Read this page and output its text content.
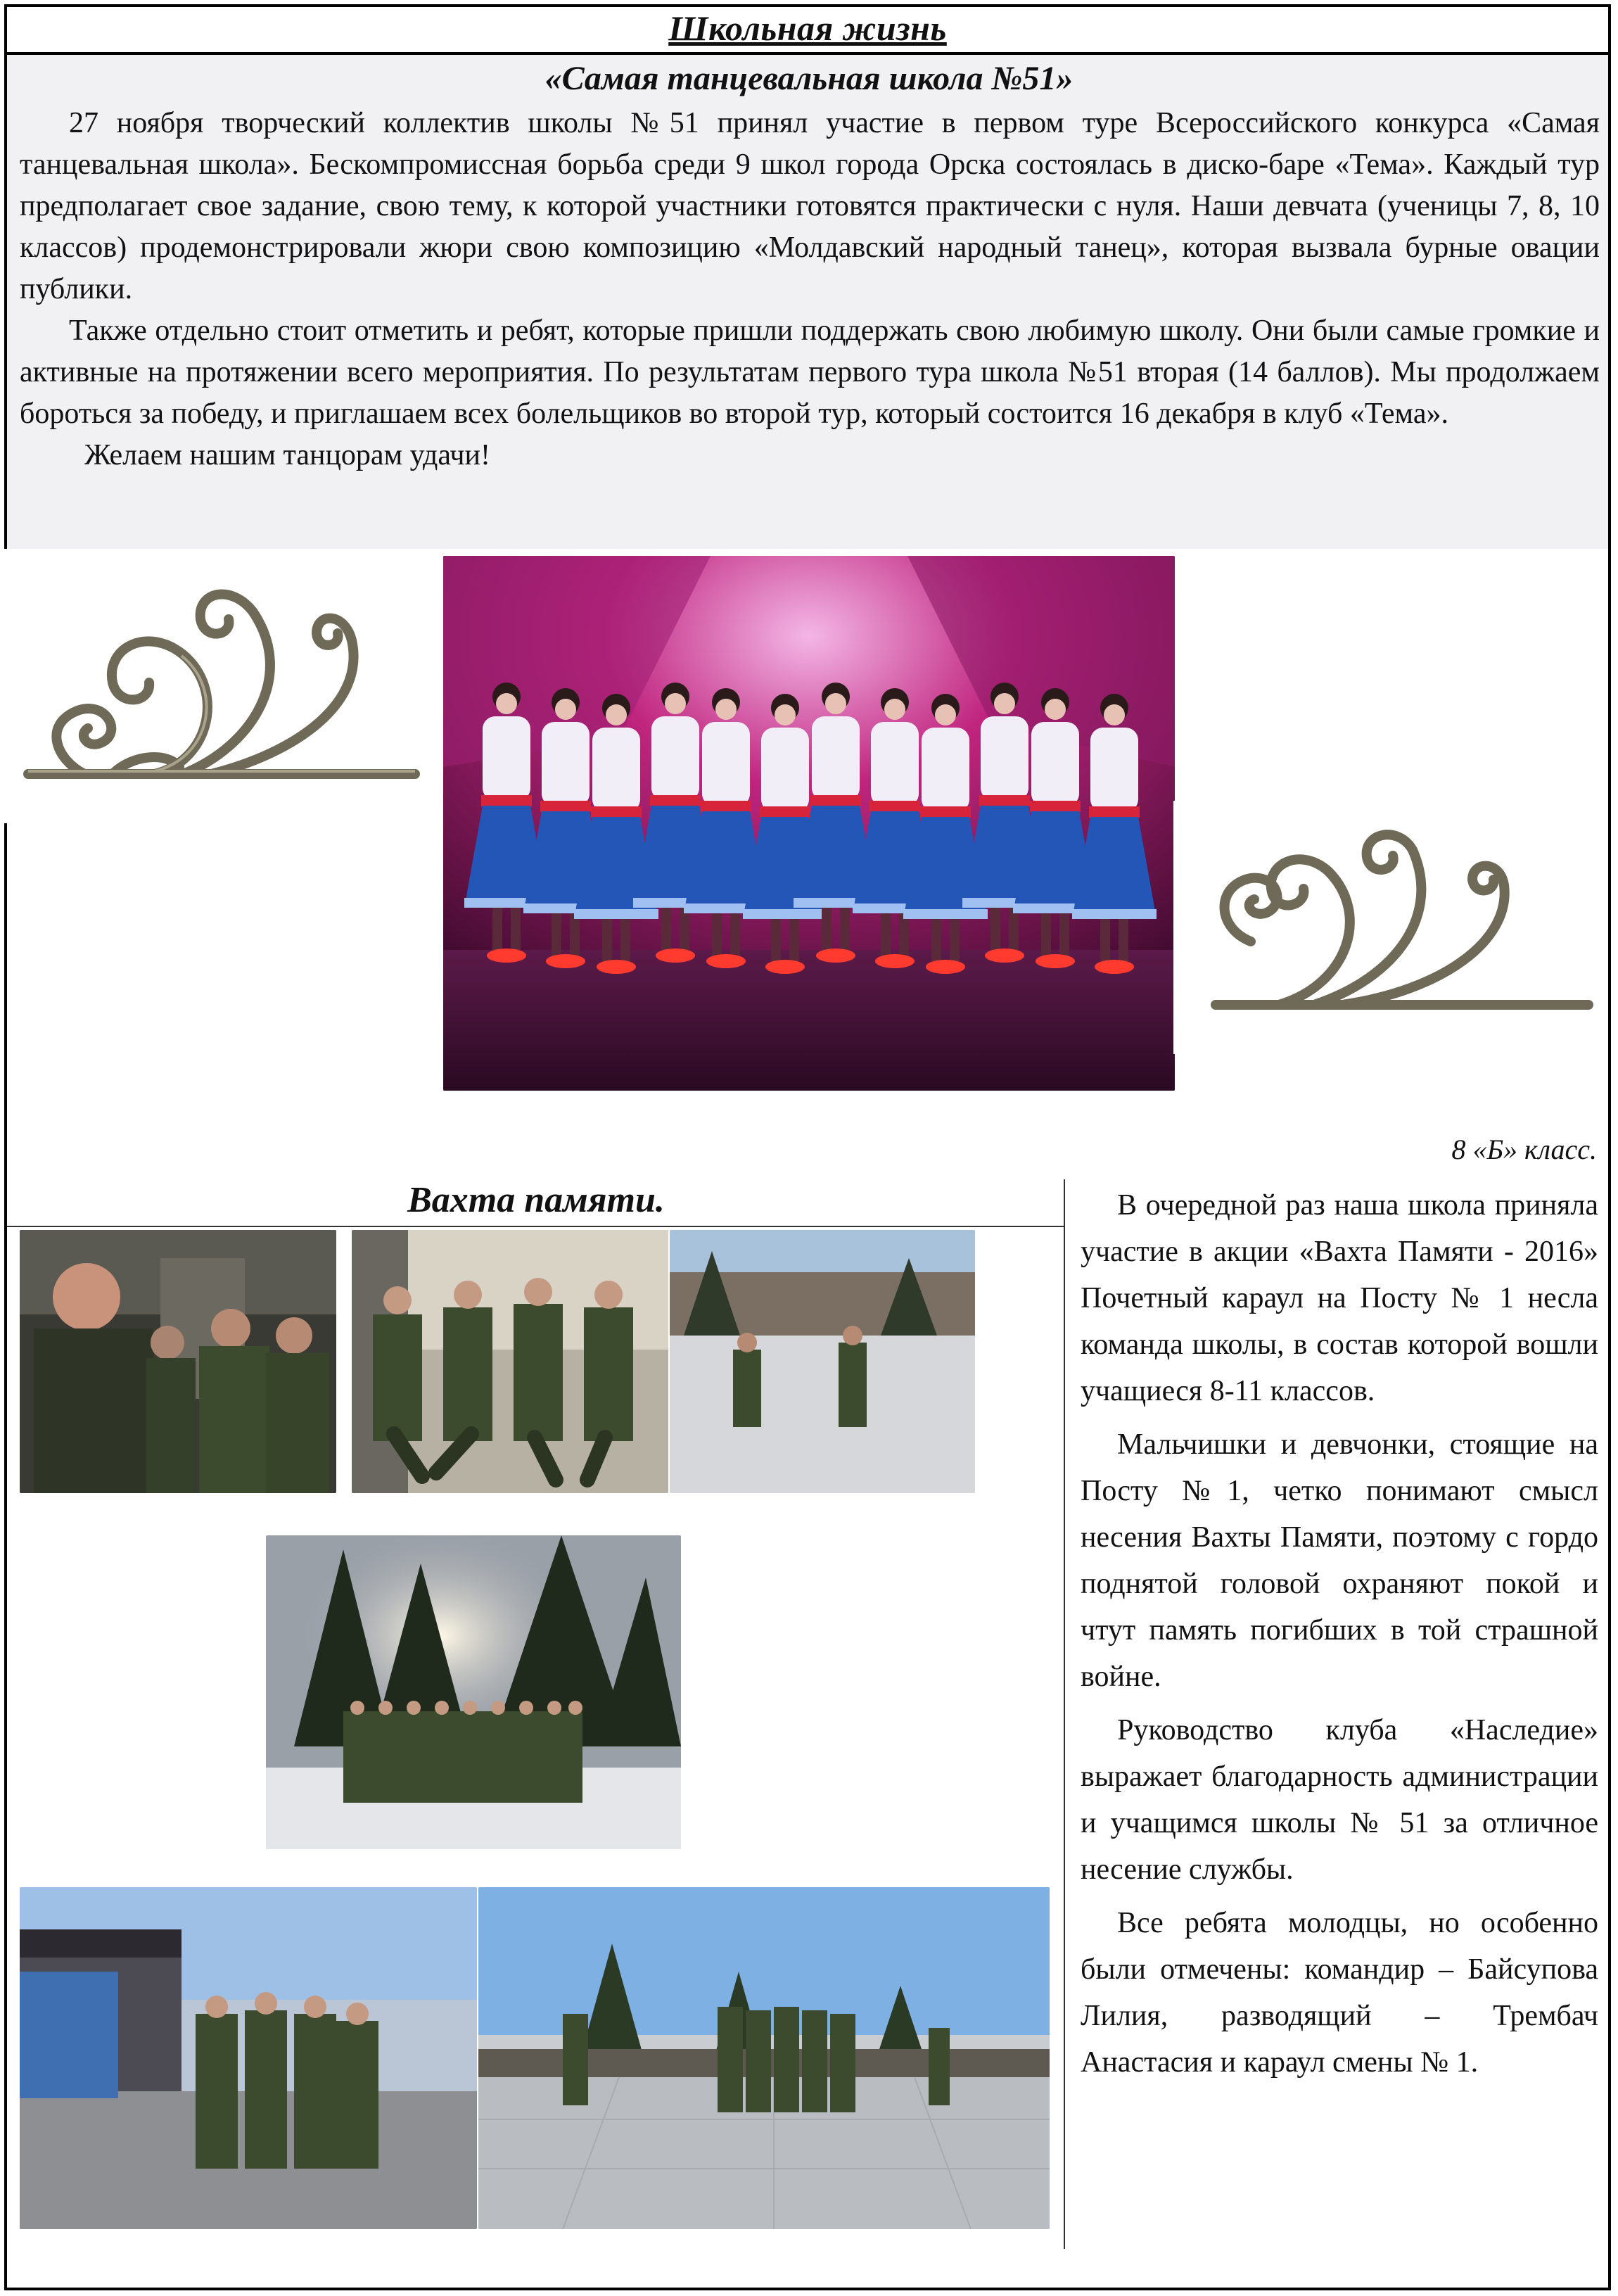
Школьная жизнь
«Самая танцевальная школа №51»

27 ноября творческий коллектив школы №51 принял участие в первом туре Всероссийского конкурса «Самая танцевальная школа». Бескомпромиссная борьба среди 9 школ города Орска состоялась в диско-баре «Тема». Каждый тур предполагает свое задание, свою тему, к которой участники готовятся практически с нуля. Наши девчата (ученицы 7, 8, 10 классов) продемонстрировали жюри свою композицию «Молдавский народный танец», которая вызвала бурные овации публики.

Также отдельно стоит отметить и ребят, которые пришли поддержать свою любимую школу. Они были самые громкие и активные на протяжении всего мероприятия. По результатам первого тура школа №51 вторая (14 баллов). Мы продолжаем бороться за победу, и приглашаем всех болельщиков во второй тур, который состоится 16 декабря в клуб «Тема».

Желаем нашим танцорам удачи!

8 «Б» класс.
Вахта памяти.	В очередной раз наша школа приняла участие в акции «Вахта Памяти - 2016» Почетный караул на Посту № 1 несла команда школы, в состав которой вошли учащиеся 8-11 классов.

Мальчишки и девчонки, стоящие на Посту №1, четко понимают смысл несения Вахты Памяти, поэтому с гордо поднятой головой охраняют покой и чтут память погибших в той страшной войне.

Руководство клуба «Наследие» выражает благодарность администрации и учащимся школы № 51 за отличное несение службы.

Все ребята молодцы, но особенно были отмечены: командир – Байсупова Лилия, разводящий – Трембач Анастасия и караул смены № 1.
